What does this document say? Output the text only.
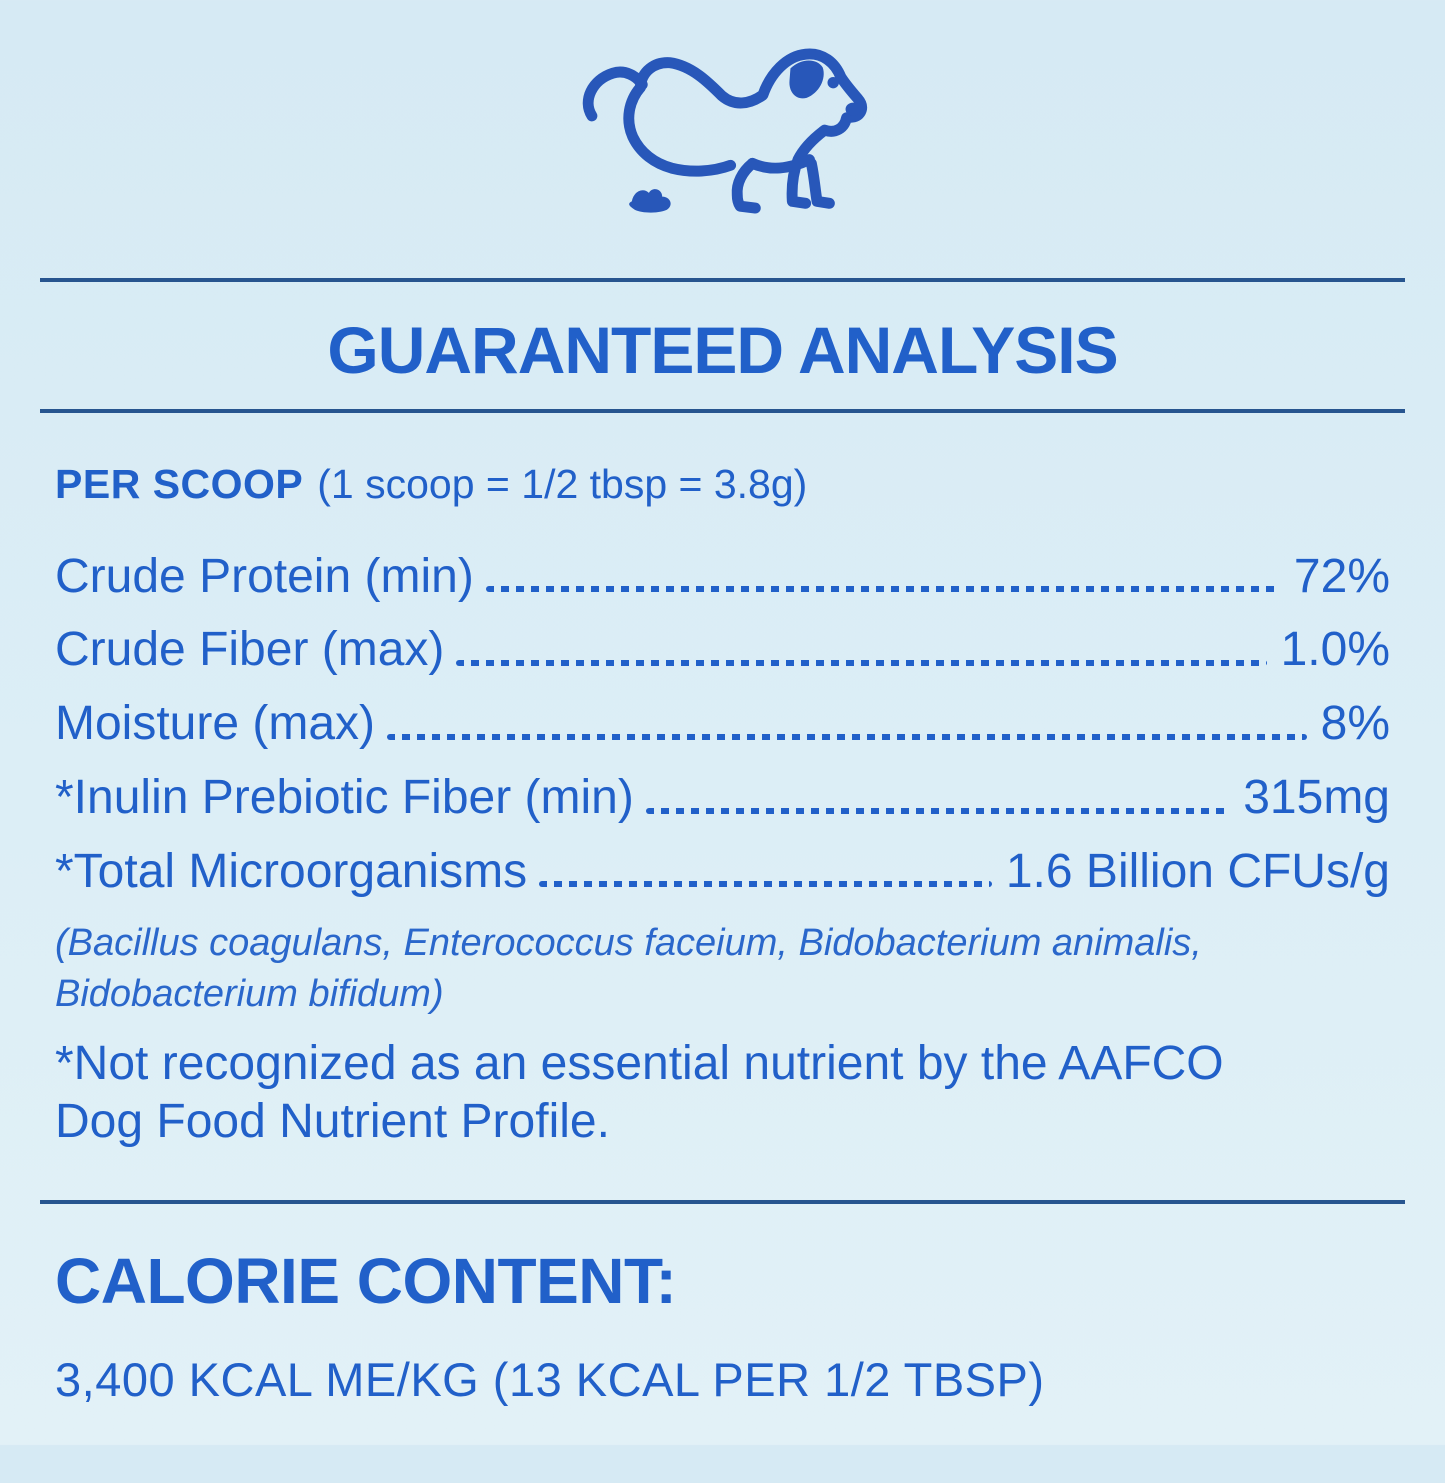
GUARANTEED ANALYSIS
PER SCOOP (1 scoop = 1/2 tbsp = 3.8g)
Crude Protein (min)	72%
Crude Fiber (max)	1.0%
Moisture (max)	8%
*Inulin Prebiotic Fiber (min)	315mg
*Total Microorganisms	1.6 Billion CFUs/g
(Bacillus coagulans, Enterococcus faceium, Bidobacterium animalis, Bidobacterium bifidum)
*Not recognized as an essential nutrient by the AAFCO Dog Food Nutrient Profile.
CALORIE CONTENT:
3,400 KCAL ME/KG (13 KCAL PER 1/2 TBSP)
